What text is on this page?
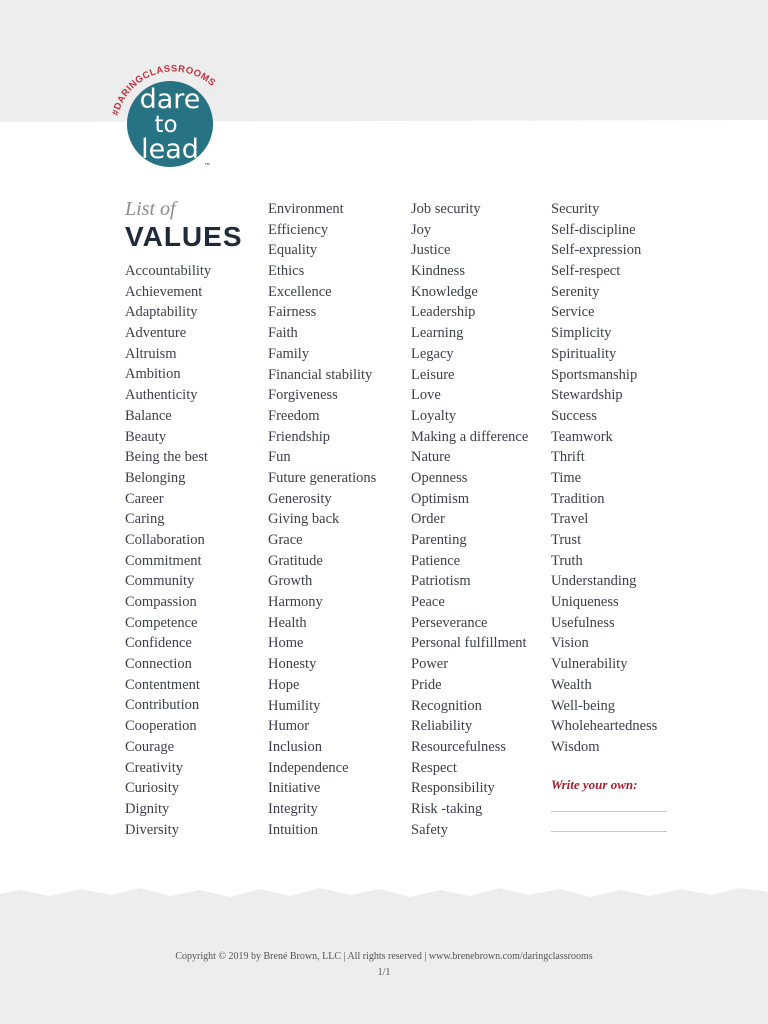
#DARINGCLASSROOMS
dare
to
lead
™
List of
VALUES
Accountability
Achievement
Adaptability
Adventure
Altruism
Ambition
Authenticity
Balance
Beauty
Being the best
Belonging
Career
Caring
Collaboration
Commitment
Community
Compassion
Competence
Confidence
Connection
Contentment
Contribution
Cooperation
Courage
Creativity
Curiosity
Dignity
Diversity
Environment
Efficiency
Equality
Ethics
Excellence
Fairness
Faith
Family
Financial stability
Forgiveness
Freedom
Friendship
Fun
Future generations
Generosity
Giving back
Grace
Gratitude
Growth
Harmony
Health
Home
Honesty
Hope
Humility
Humor
Inclusion
Independence
Initiative
Integrity
Intuition
Job security
Joy
Justice
Kindness
Knowledge
Leadership
Learning
Legacy
Leisure
Love
Loyalty
Making a difference
Nature
Openness
Optimism
Order
Parenting
Patience
Patriotism
Peace
Perseverance
Personal fulfillment
Power
Pride
Recognition
Reliability
Resourcefulness
Respect
Responsibility
Risk -taking
Safety
Security
Self-discipline
Self-expression
Self-respect
Serenity
Service
Simplicity
Spirituality
Sportsmanship
Stewardship
Success
Teamwork
Thrift
Time
Tradition
Travel
Trust
Truth
Understanding
Uniqueness
Usefulness
Vision
Vulnerability
Wealth
Well-being
Wholeheartedness
Wisdom
Write your own:
Copyright © 2019 by Brené Brown, LLC | All rights reserved | www.brenebrown.com/daringclassrooms
1/1
